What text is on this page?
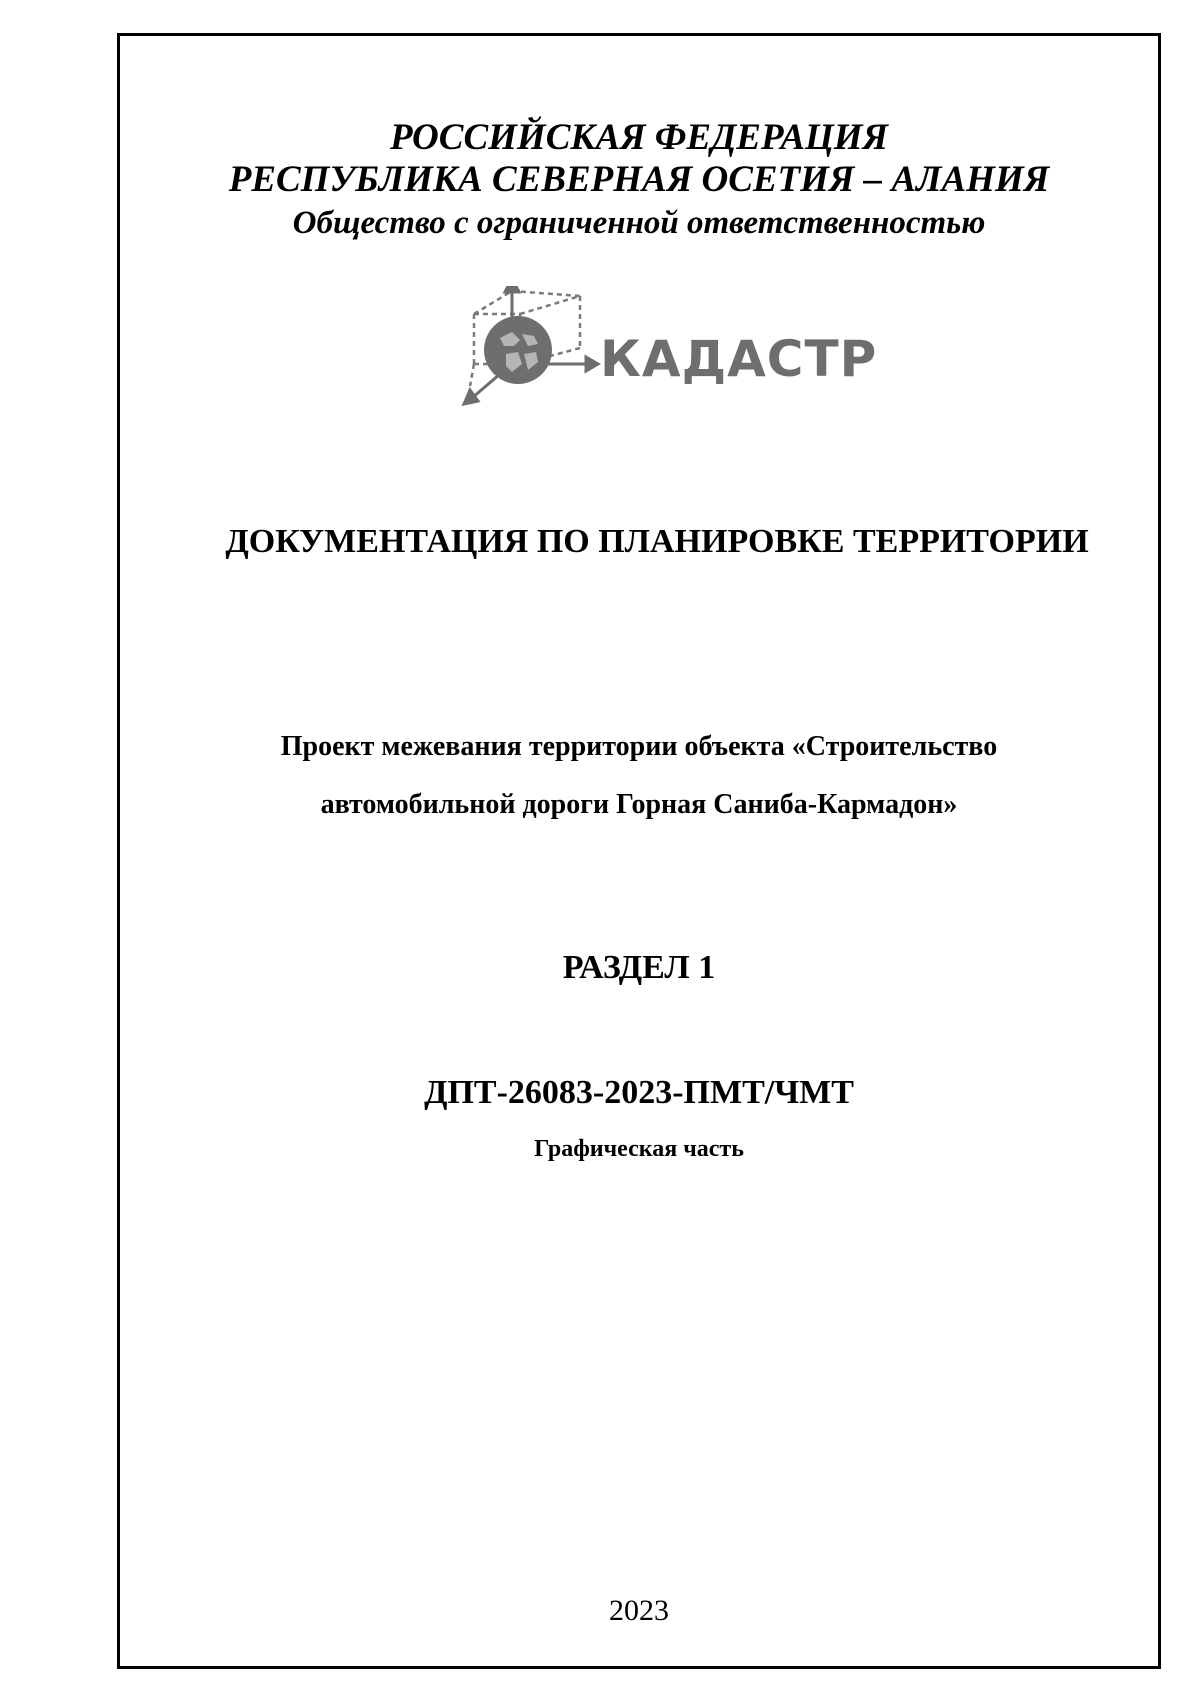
РОССИЙСКАЯ ФЕДЕРАЦИЯ
РЕСПУБЛИКА СЕВЕРНАЯ ОСЕТИЯ – АЛАНИЯ
Общество с ограниченной ответственностью
КАДАСТР
ДОКУМЕНТАЦИЯ ПО ПЛАНИРОВКЕ ТЕРРИТОРИИ
Проект межевания территории объекта «Строительство
автомобильной дороги Горная Саниба-Кармадон»
РАЗДЕЛ 1
ДПТ-26083-2023-ПМТ/ЧМТ
Графическая часть
2023
